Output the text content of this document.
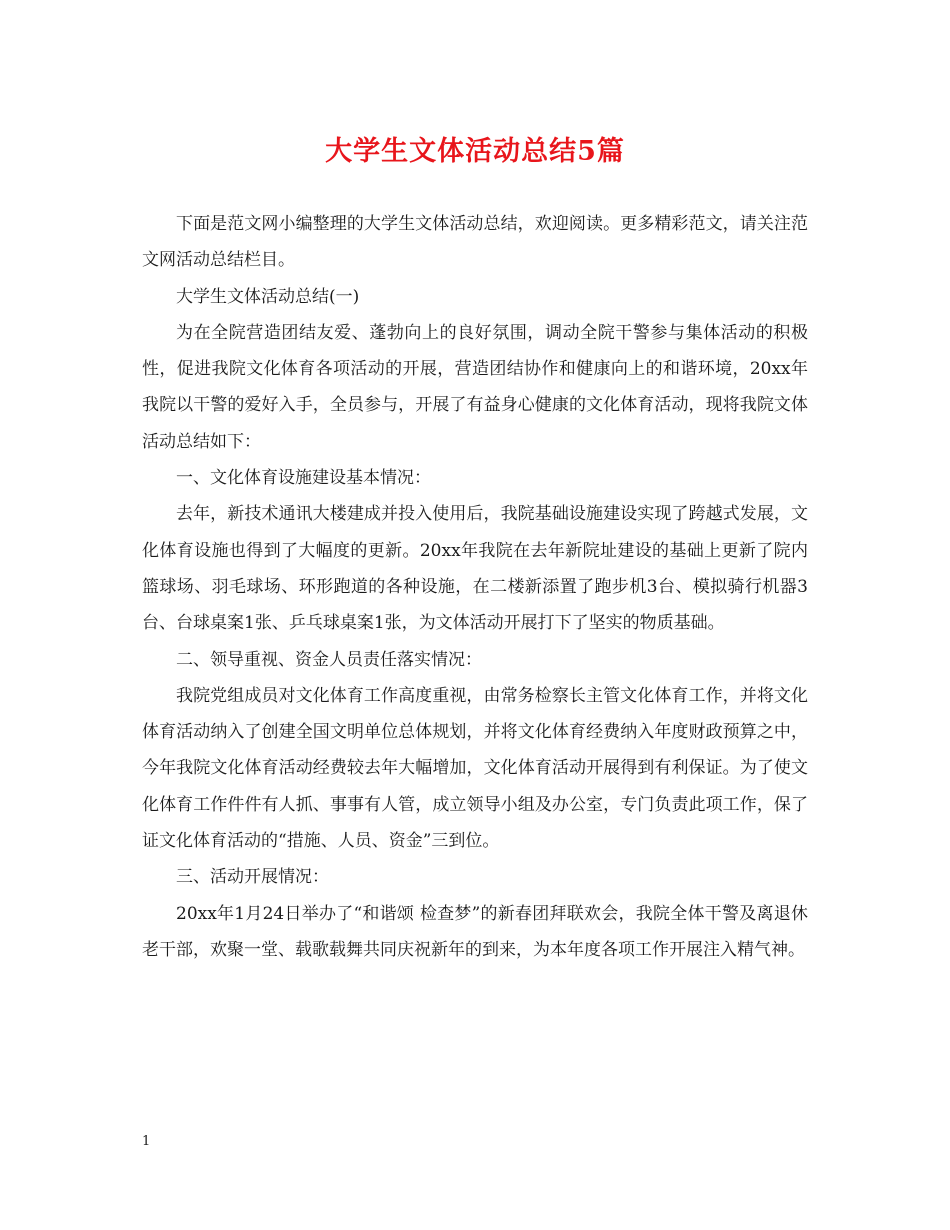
大学生文体活动总结5篇

下面是范文网小编整理的大学生文体活动总结，欢迎阅读。更多精彩范文，请关注范文网活动总结栏目。

大学生文体活动总结(一)

为在全院营造团结友爱、蓬勃向上的良好氛围，调动全院干警参与集体活动的积极性，促进我院文化体育各项活动的开展，营造团结协作和健康向上的和谐环境，20xx年我院以干警的爱好入手，全员参与，开展了有益身心健康的文化体育活动，现将我院文体活动总结如下：

一、文化体育设施建设基本情况：

去年，新技术通讯大楼建成并投入使用后，我院基础设施建设实现了跨越式发展，文化体育设施也得到了大幅度的更新。20xx年我院在去年新院址建设的基础上更新了院内篮球场、羽毛球场、环形跑道的各种设施，在二楼新添置了跑步机3台、模拟骑行机器3台、台球桌案1张、乒乓球桌案1张，为文体活动开展打下了坚实的物质基础。

二、领导重视、资金人员责任落实情况：

我院党组成员对文化体育工作高度重视，由常务检察长主管文化体育工作，并将文化体育活动纳入了创建全国文明单位总体规划，并将文化体育经费纳入年度财政预算之中，今年我院文化体育活动经费较去年大幅增加，文化体育活动开展得到有利保证。为了使文化体育工作件件有人抓、事事有人管，成立领导小组及办公室，专门负责此项工作，保了证文化体育活动的“措施、人员、资金”三到位。

三、活动开展情况：

20xx年1月24日举办了“和谐颂 检查梦”的新春团拜联欢会，我院全体干警及离退休老干部，欢聚一堂、载歌载舞共同庆祝新年的到来，为本年度各项工作开展注入精气神。

1
